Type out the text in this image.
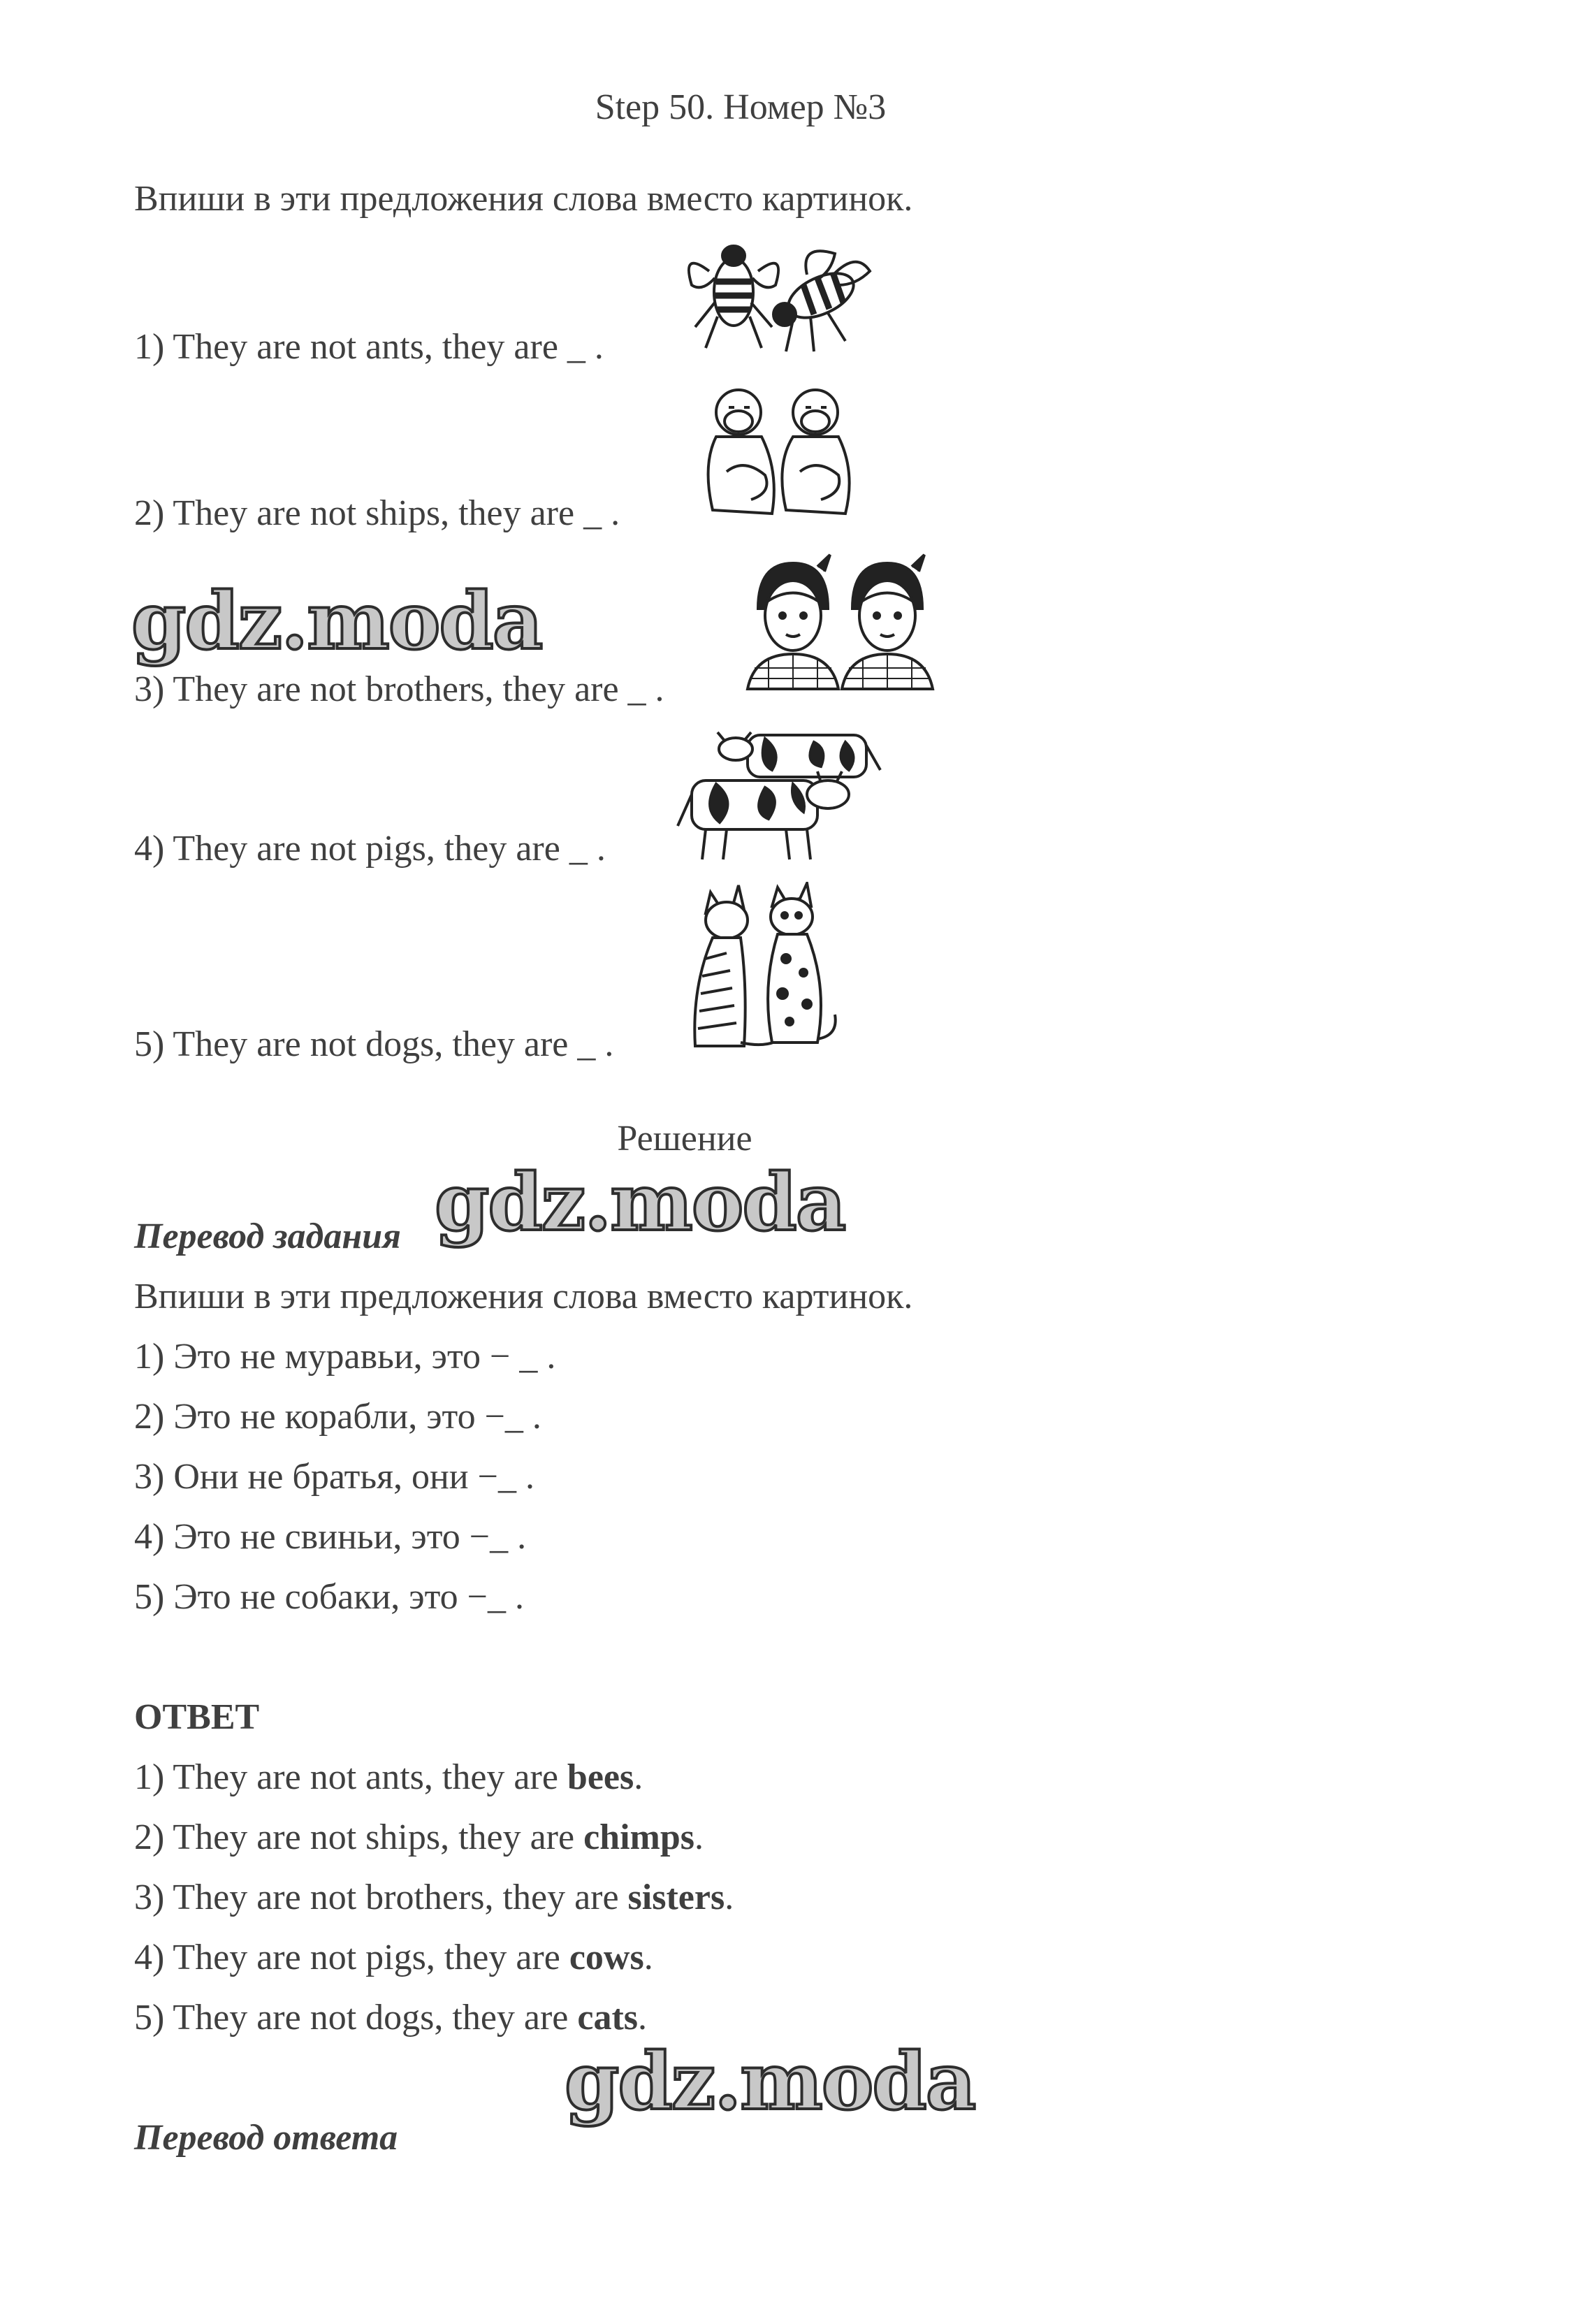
Step 50. Номер №3
Впиши в эти предложения слова вместо картинок.
1) They are not ants, they are _ .
2) They are not ships, they are _ .
3) They are not brothers, they are _ .
4) They are not pigs, they are _ .
5) They are not dogs, they are _ .
Решение
Перевод задания
Впиши в эти предложения слова вместо картинок.
1) Это не муравьи, это − _ .
2) Это не корабли, это −_ .
3) Они не братья, они −_ .
4) Это не свиньи, это −_ .
5) Это не собаки, это −_ .
ОТВЕТ
1) They are not ants, they are bees.
2) They are not ships, they are chimps.
3) They are not brothers, they are sisters.
4) They are not pigs, they are cows.
5) They are not dogs, they are cats.
Перевод ответа
gdz.moda
gdz.moda
gdz.moda
